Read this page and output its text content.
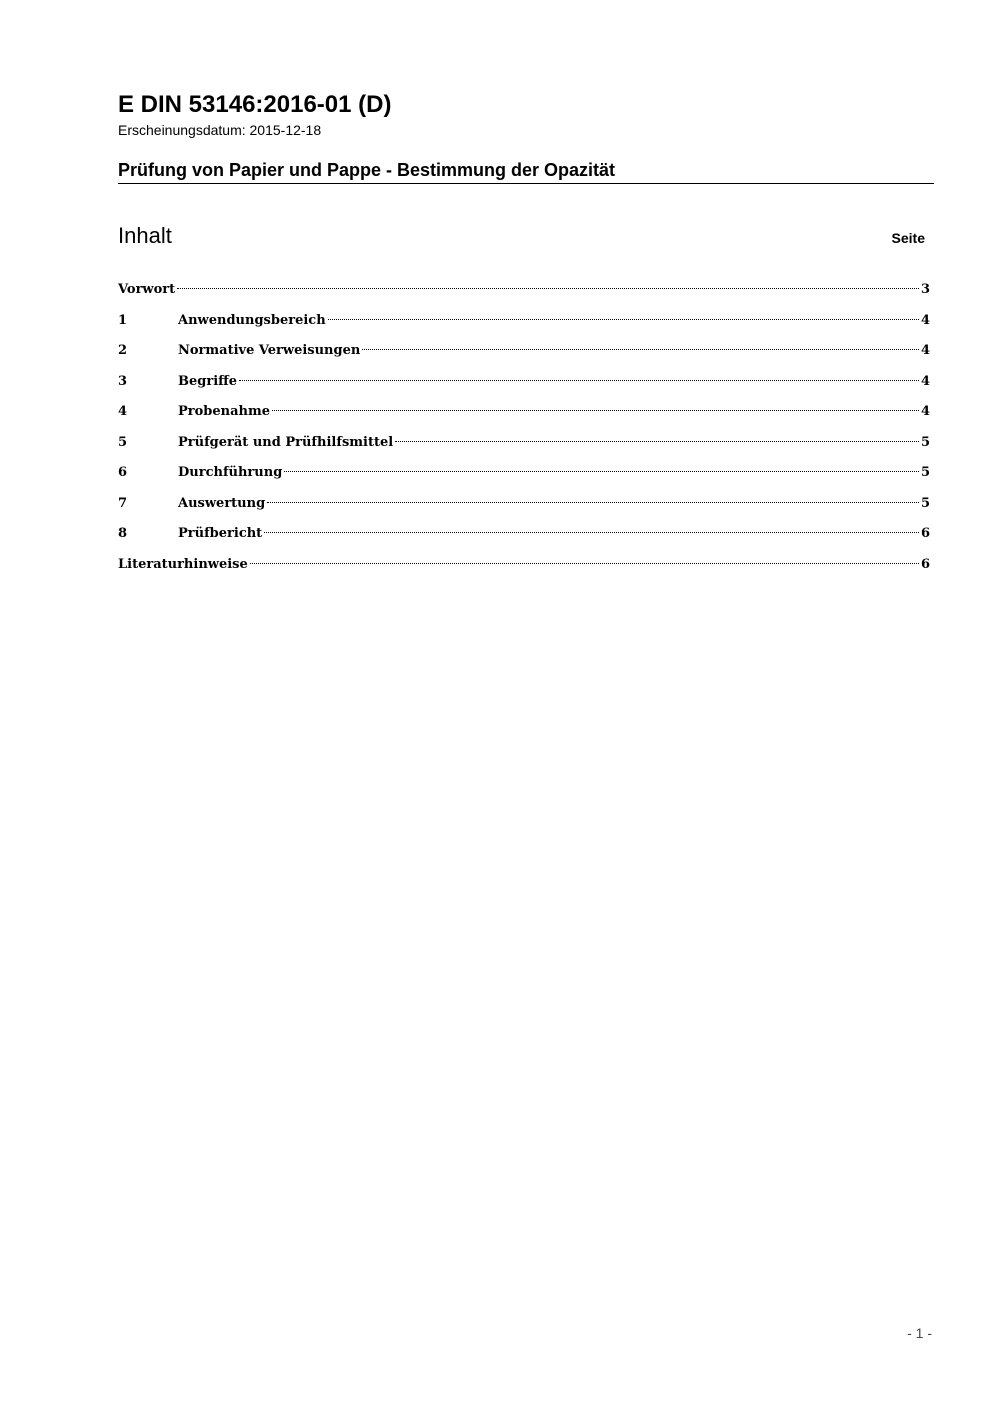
E DIN 53146:2016-01 (D)
Erscheinungsdatum: 2015-12-18
Prüfung von Papier und Pappe - Bestimmung der Opazität
Inhalt	Seite
Vorwort	3
1	Anwendungsbereich	4
2	Normative Verweisungen	4
3	Begriffe	4
4	Probenahme	4
5	Prüfgerät und Prüfhilfsmittel	5
6	Durchführung	5
7	Auswertung	5
8	Prüfbericht	6
Literaturhinweise	6
- 1 -
